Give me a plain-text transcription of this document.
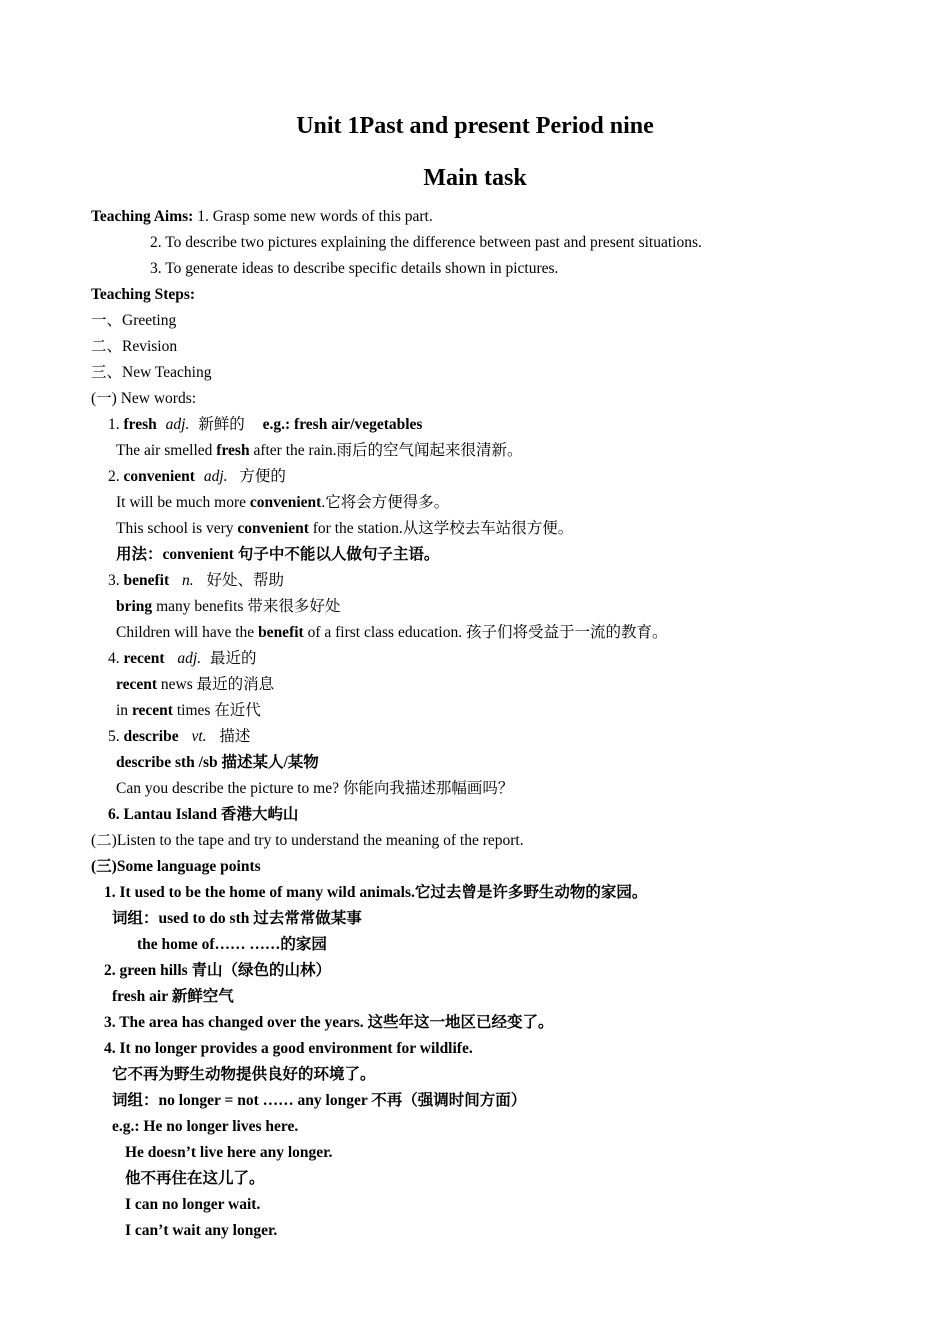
Unit 1Past and present Period nine
Main task
Teaching Aims: 1. Grasp some new words of this part.
2. To describe two pictures explaining the difference between past and present situations.
3. To generate ideas to describe specific details shown in pictures.
Teaching Steps:
一、Greeting
二、Revision
三、New Teaching
(一) New words:
1. fresh adj. 新鲜的 e.g.: fresh air/vegetables
The air smelled fresh after the rain.雨后的空气闻起来很清新。
2. convenient adj. 方便的
It will be much more convenient.它将会方便得多。
This school is very convenient for the station.从这学校去车站很方便。
用法：convenient 句子中不能以人做句子主语。
3. benefit n. 好处、帮助
bring many benefits 带来很多好处
Children will have the benefit of a first class education. 孩子们将受益于一流的教育。
4. recent adj. 最近的
recent news 最近的消息
in recent times 在近代
5. describe vt. 描述
describe sth /sb 描述某人/某物
Can you describe the picture to me? 你能向我描述那幅画吗？
6. Lantau Island 香港大屿山
(二)Listen to the tape and try to understand the meaning of the report.
(三)Some language points
1. It used to be the home of many wild animals.它过去曾是许多野生动物的家园。
词组：used to do sth 过去常常做某事
the home of…… ……的家园
2. green hills 青山（绿色的山林）
fresh air 新鲜空气
3. The area has changed over the years. 这些年这一地区已经变了。
4. It no longer provides a good environment for wildlife.
它不再为野生动物提供良好的环境了。
词组：no longer = not …… any longer 不再（强调时间方面）
e.g.: He no longer lives here.
He doesn’t live here any longer.
他不再住在这儿了。
I can no longer wait.
I can’t wait any longer.
